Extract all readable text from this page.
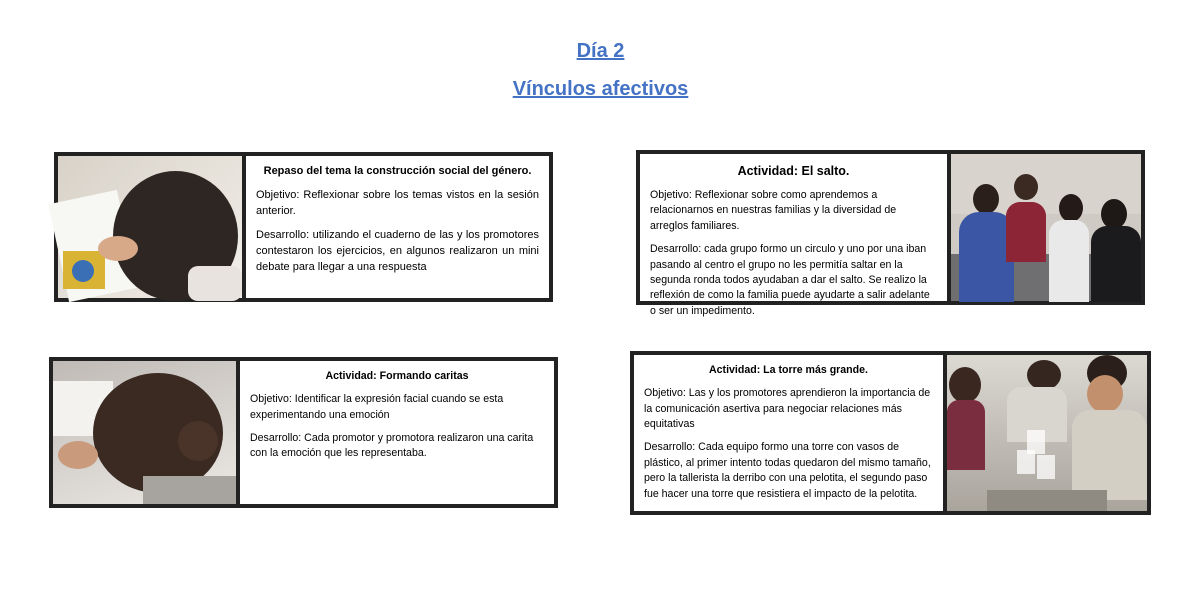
Día 2
Vínculos afectivos
Repaso del tema la construcción social del género.

Objetivo: Reflexionar sobre los temas vistos en la sesión anterior.

Desarrollo: utilizando el cuaderno de las y los promotores contestaron los ejercicios, en algunos realizaron un mini debate para llegar a una respuesta

Actividad: El salto.

Objetivo: Reflexionar sobre como aprendemos a relacionarnos en nuestras familias y la diversidad de arreglos familiares.

Desarrollo: cada grupo formo un circulo y uno por una iban pasando al centro el grupo no les permitía saltar en la segunda ronda todos ayudaban a dar el salto. Se realizo la reflexión de como la familia puede ayudarte a salir adelante o ser un impedimento.

Actividad: Formando caritas

Objetivo: Identificar la expresión facial cuando se esta experimentando una emoción

Desarrollo: Cada promotor y promotora realizaron una carita con la emoción que les representaba.

Actividad: La torre más grande.

Objetivo: Las y los promotores aprendieron la importancia de la comunicación asertiva para negociar relaciones más equitativas

Desarrollo: Cada equipo formo una torre con vasos de plástico, al primer intento todas quedaron del mismo tamaño, pero la tallerista la derribo con una pelotita, el segundo paso fue hacer una torre que resistiera el impacto de la pelotita.
